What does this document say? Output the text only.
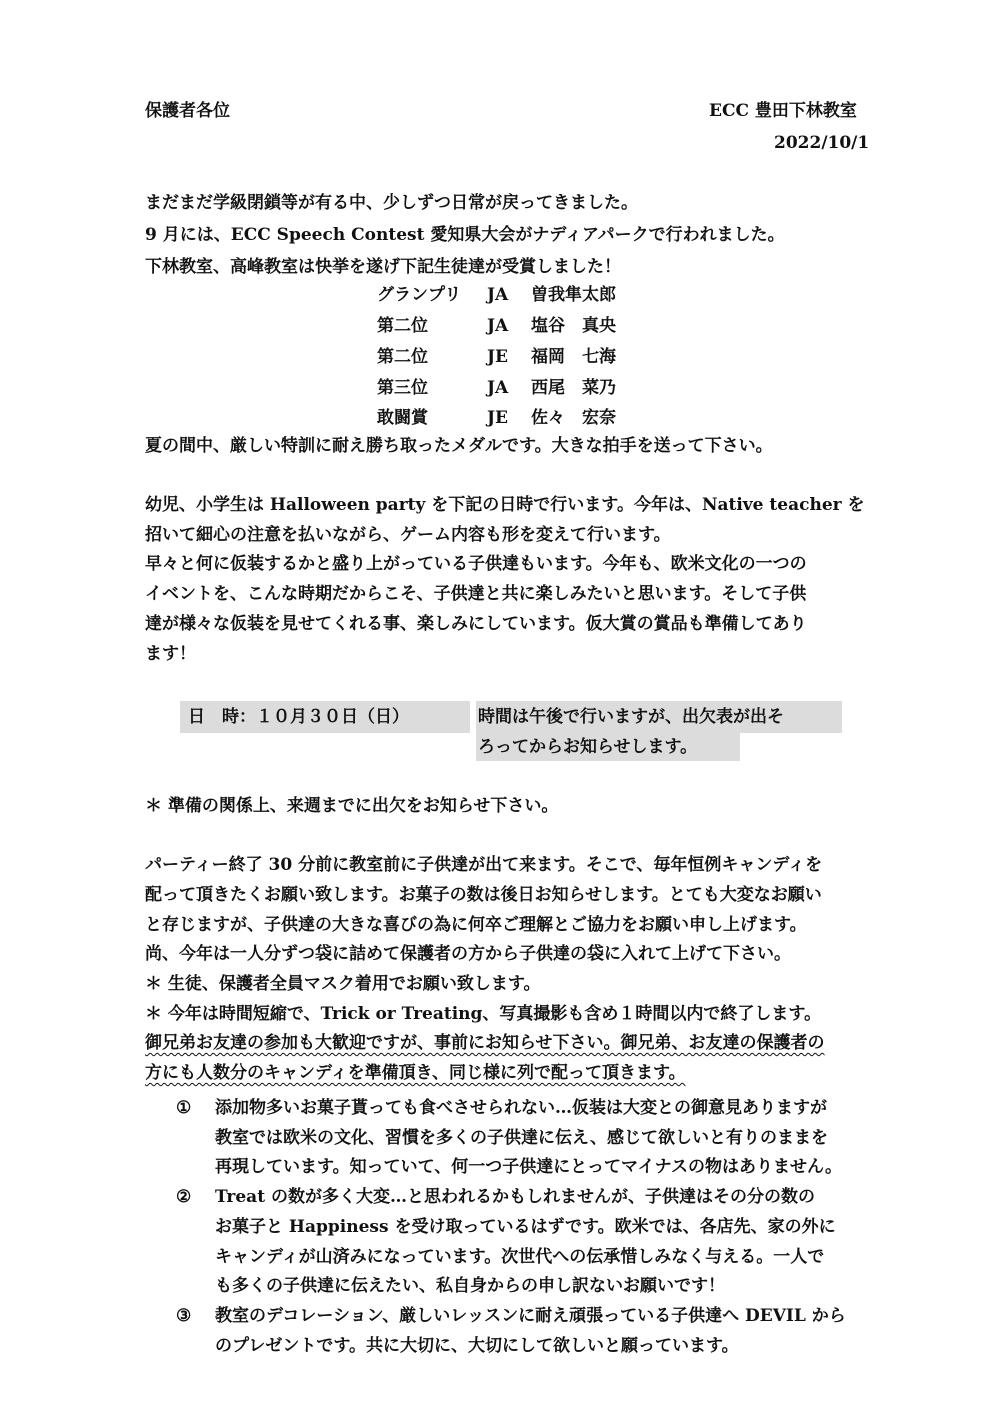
保護者各位	ECC 豊田下林教室
2022/10/1
まだまだ学級閉鎖等が有る中、少しずつ日常が戻ってきました。
9 月には、ECC Speech Contest 愛知県大会がナディアパークで行われました。
下林教室、高峰教室は快挙を遂げ下記生徒達が受賞しました！
グランプリ JA 曽我隼太郎
第二位	JA 塩谷　真央
第二位	JE 福岡　七海
第三位	JA 西尾　菜乃
敢闘賞	JE 佐々　宏奈
夏の間中、厳しい特訓に耐え勝ち取ったメダルです。大きな拍手を送って下さい。
幼児、小学生は Halloween party を下記の日時で行います。今年は、Native teacher を
招いて細心の注意を払いながら、ゲーム内容も形を変えて行います。
早々と何に仮装するかと盛り上がっている子供達もいます。今年も、欧米文化の一つの
イベントを、こんな時期だからこそ、子供達と共に楽しみたいと思います。そして子供
達が様々な仮装を見せてくれる事、楽しみにしています。仮大賞の賞品も準備してあり
ます！
日　時：１０月３０日（日）	時間は午後で行いますが、出欠表が出そ
ろってからお知らせします。
＊ 準備の関係上、来週までに出欠をお知らせ下さい。
パーティー終了 30 分前に教室前に子供達が出て来ます。そこで、毎年恒例キャンディを
配って頂きたくお願い致します。お菓子の数は後日お知らせします。とても大変なお願い
と存じますが、子供達の大きな喜びの為に何卒ご理解とご協力をお願い申し上げます。
尚、今年は一人分ずつ袋に詰めて保護者の方から子供達の袋に入れて上げて下さい。
＊ 生徒、保護者全員マスク着用でお願い致します。
＊ 今年は時間短縮で、Trick or Treating、写真撮影も含め１時間以内で終了します。
御兄弟お友達の参加も大歓迎ですが、事前にお知らせ下さい。御兄弟、お友達の保護者の
方にも人数分のキャンディを準備頂き、同じ様に列で配って頂きます。
① 添加物多いお菓子貰っても食べさせられない…仮装は大変との御意見ありますが
教室では欧米の文化、習慣を多くの子供達に伝え、感じて欲しいと有りのままを
再現しています。知っていて、何一つ子供達にとってマイナスの物はありません。
② Treat の数が多く大変…と思われるかもしれませんが、子供達はその分の数の
お菓子と Happiness を受け取っているはずです。欧米では、各店先、家の外に
キャンディが山済みになっています。次世代への伝承惜しみなく与える。一人で
も多くの子供達に伝えたい、私自身からの申し訳ないお願いです！
③ 教室のデコレーション、厳しいレッスンに耐え頑張っている子供達へ DEVIL から
のプレゼントです。共に大切に、大切にして欲しいと願っています。
